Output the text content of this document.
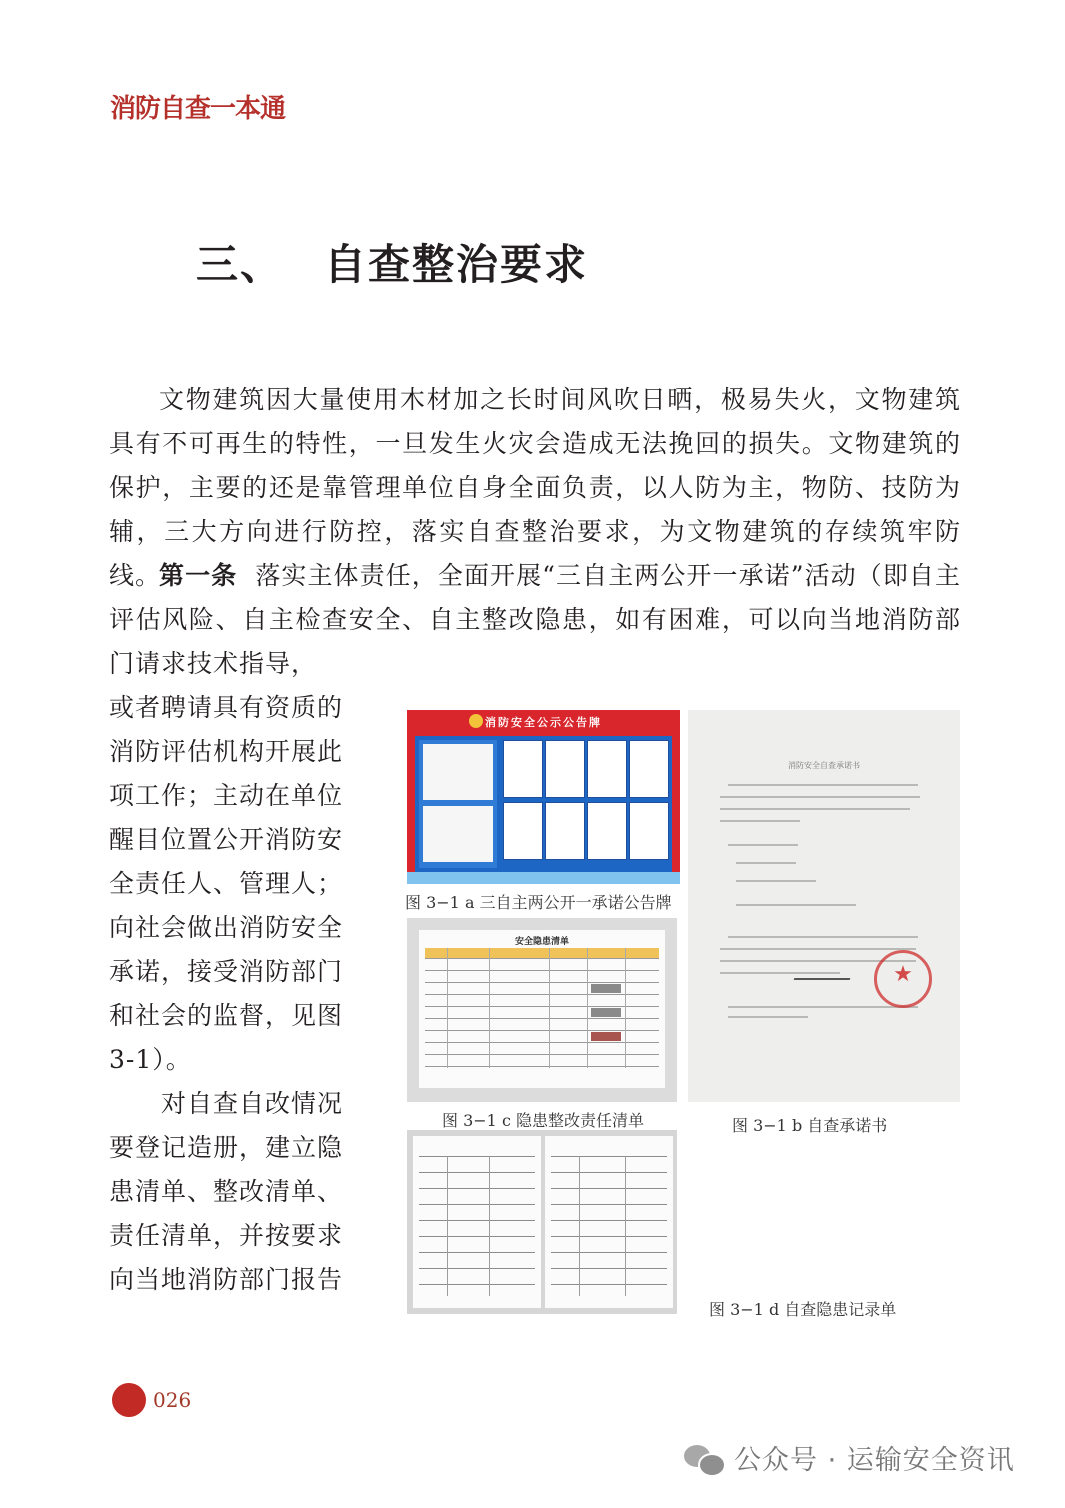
消防自查一本通
三、 自查整治要求
文物建筑因大量使用木材加之长时间风吹日晒，极易失火，文物建筑具有不可再生的特性，一旦发生火灾会造成无法挽回的损失。文物建筑的保护，主要的还是靠管理单位自身全面负责，以人防为主，物防、技防为辅，三大方向进行防控，落实自查整治要求，为文物建筑的存续筑牢防线。
第一条 落实主体责任，全面开展“三自主两公开一承诺”活动（即自主评估风险、自主检查安全、自主整改隐患，如有困难，可以向当地消防部门请求技术指导，
或者聘请具有资质的
消防评估机构开展此
项工作；主动在单位
醒目位置公开消防安
全责任人、管理人；
向社会做出消防安全
承诺，接受消防部门
和社会的监督，见图
3-1）。
　　对自查自改情况
要登记造册，建立隐
患清单、整改清单、
责任清单，并按要求
向当地消防部门报告
消防安全公示公告牌
图 3−1 a 三自主两公开一承诺公告牌
消防安全自查承诺书
★
图 3−1 b 自查承诺书
安全隐患清单
图 3−1 c 隐患整改责任清单
图 3−1 d 自查隐患记录单
026
公众号 · 运输安全资讯
